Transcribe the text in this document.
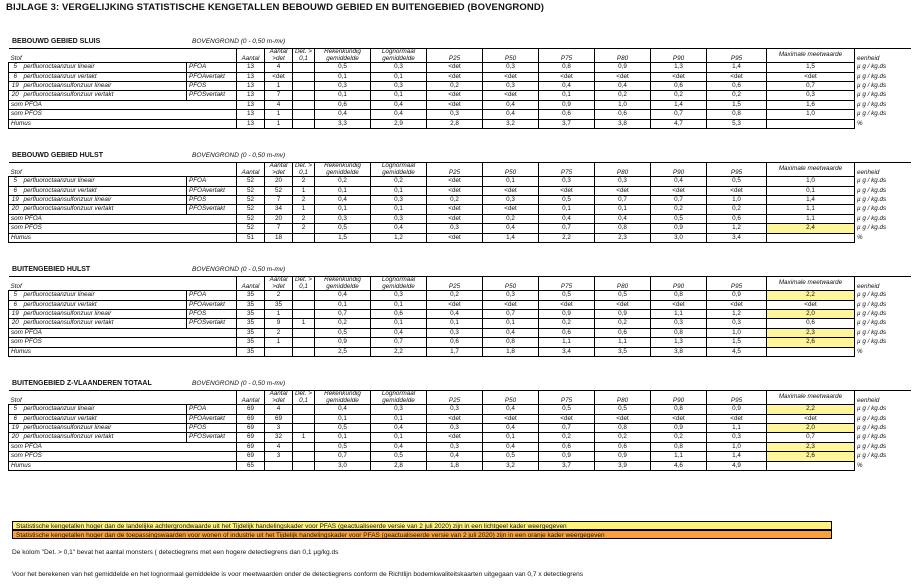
BIJLAGE 3: VERGELIJKING STATISTISCHE KENGETALLEN BEBOUWD GEBIED EN BUITENGEBIED (BOVENGROND)
BEBOUWD GEBIED SLUIS	BOVENGROND (0 - 0,50 m-mv)
Stof			Aantal	Aantal >det	Det. > 0,1	Rekenkundig gemiddelde	Lognormaal gemiddelde	P25	P50	P75	P80	P90	P95	Maximale meetwaarde	eenheid
5	perfluoroctaanzuur lineair	PFOA	13	4		0,5	0,3	<det	0,3	0,8	0,9	1,3	1,4	1,5	µ g / kg.ds
6	perfluoroctaanzuur vertakt	PFOAvertakt	13	<det		0,1	0,1	<det	<det	<det	<det	<det	<det	<det	µ g / kg.ds
19	perfluoroctaansulfonzuur lineair	PFOS	13	1		0,3	0,3	0,2	0,3	0,4	0,4	0,6	0,6	0,7	µ g / kg.ds
20	perfluoroctaansulfonzuur vertakt	PFOSvertakt	13	7		0,1	0,1	<det	<det	0,1	0,2	0,2	0,2	0,3	µ g / kg.ds
som PFOA			13	4		0,6	0,4	<det	0,4	0,9	1,0	1,4	1,5	1,6	µ g / kg.ds
som PFOS			13	1		0,4	0,4	0,3	0,4	0,6	0,6	0,7	0,8	1,0	µ g / kg.ds
Humus			13	1		3,3	2,9	2,8	3,2	3,7	3,8	4,7	5,3		%
BEBOUWD GEBIED HULST	BOVENGROND (0 - 0,50 m-mv)
Stof			Aantal	Aantal >det	Det. > 0,1	Rekenkundig gemiddelde	Lognormaal gemiddelde	P25	P50	P75	P80	P90	P95	Maximale meetwaarde	eenheid
5	perfluoroctaanzuur lineair	PFOA	52	20	2	0,2	0,2	<det	0,1	0,3	0,3	0,4	0,5	1,0	µ g / kg.ds
6	perfluoroctaanzuur vertakt	PFOAvertakt	52	52	1	0,1	0,1	<det	<det	<det	<det	<det	<det	0,1	µ g / kg.ds
19	perfluoroctaansulfonzuur lineair	PFOS	52	7	2	0,4	0,3	0,2	0,3	0,5	0,7	0,7	1,0	1,4	µ g / kg.ds
20	perfluoroctaansulfonzuur vertakt	PFOSvertakt	52	34	1	0,1	0,1	<det	<det	0,1	0,1	0,2	0,2	1,1	µ g / kg.ds
som PFOA			52	20	2	0,3	0,3	<det	0,2	0,4	0,4	0,5	0,6	1,1	µ g / kg.ds
som PFOS			52	7	2	0,5	0,4	0,3	0,4	0,7	0,8	0,9	1,2	2,4	µ g / kg.ds
Humus			51	18		1,5	1,2	<det	1,4	2,2	2,3	3,0	3,4		%
BUITENGEBIED HULST	BOVENGROND (0 - 0,50 m-mv)
Stof			Aantal	Aantal >det	Det. > 0,1	Rekenkundig gemiddelde	Lognormaal gemiddelde	P25	P50	P75	P80	P90	P95	Maximale meetwaarde	eenheid
5	perfluoroctaanzuur lineair	PFOA	35	2		0,4	0,3	0,2	0,3	0,5	0,5	0,8	0,9	2,2	µ g / kg.ds
6	perfluoroctaanzuur vertakt	PFOAvertakt	35	35		0,1	0,1	<det	<det	<det	<det	<det	<det	<det	µ g / kg.ds
19	perfluoroctaansulfonzuur lineair	PFOS	35	1		0,7	0,6	0,4	0,7	0,9	0,9	1,1	1,2	2,0	µ g / kg.ds
20	perfluoroctaansulfonzuur vertakt	PFOSvertakt	35	9	1	0,2	0,1	0,1	0,1	0,2	0,2	0,3	0,3	0,6	µ g / kg.ds
som PFOA			35	2		0,5	0,4	0,3	0,4	0,6	0,6	0,8	1,0	2,3	µ g / kg.ds
som PFOS			35	1		0,9	0,7	0,6	0,8	1,1	1,1	1,3	1,5	2,6	µ g / kg.ds
Humus			35			2,5	2,2	1,7	1,8	3,4	3,5	3,8	4,5		%
BUITENGEBIED Z-VLAANDEREN TOTAAL	BOVENGROND (0 - 0,50 m-mv)
Stof			Aantal	Aantal >det	Det. > 0,1	Rekenkundig gemiddelde	Lognormaal gemiddelde	P25	P50	P75	P80	P90	P95	Maximale meetwaarde	eenheid
5	perfluoroctaanzuur lineair	PFOA	69	4		0,4	0,3	0,3	0,4	0,5	0,5	0,8	0,9	2,2	µ g / kg.ds
6	perfluoroctaanzuur vertakt	PFOAvertakt	69	69		0,1	0,1	<det	<det	<det	<det	<det	<det	<det	µ g / kg.ds
19	perfluoroctaansulfonzuur lineair	PFOS	69	3		0,5	0,4	0,3	0,4	0,7	0,8	0,9	1,1	2,0	µ g / kg.ds
20	perfluoroctaansulfonzuur vertakt	PFOSvertakt	69	32	1	0,1	0,1	<det	0,1	0,2	0,2	0,2	0,3	0,7	µ g / kg.ds
som PFOA			69	4		0,5	0,4	0,3	0,4	0,6	0,6	0,8	1,0	2,3	µ g / kg.ds
som PFOS			69	3		0,7	0,5	0,4	0,5	0,9	0,9	1,1	1,4	2,6	µ g / kg.ds
Humus			65			3,0	2,8	1,8	3,2	3,7	3,9	4,6	4,9		%
Statistische kengetallen hoger dan de landelijke achtergrondwaarde uit het Tijdelijk handelingskader voor PFAS (geactualiseerde versie van 2 juli 2020) zijn in een lichtgeel kader weergegeven
Statistische kengetallen hoger dan de toepassingswaarden voor wonen of industrie uit het Tijdelijk handelingskader voor PFAS (geactualiseerde versie van 2 juli 2020) zijn in een oranje kader weergegeven
De kolom "Det. > 0,1" bevat het aantal monsters ( detectiegrens met een hogere detectiegrens dan 0,1 µg/kg.ds
Voor het berekenen van het gemiddelde en het lognormaal gemiddelde is voor meetwaarden onder de detectiegrens conform de Richtlijn bodemkwaliteitskaarten uitgegaan van 0,7 x detectiegrens
